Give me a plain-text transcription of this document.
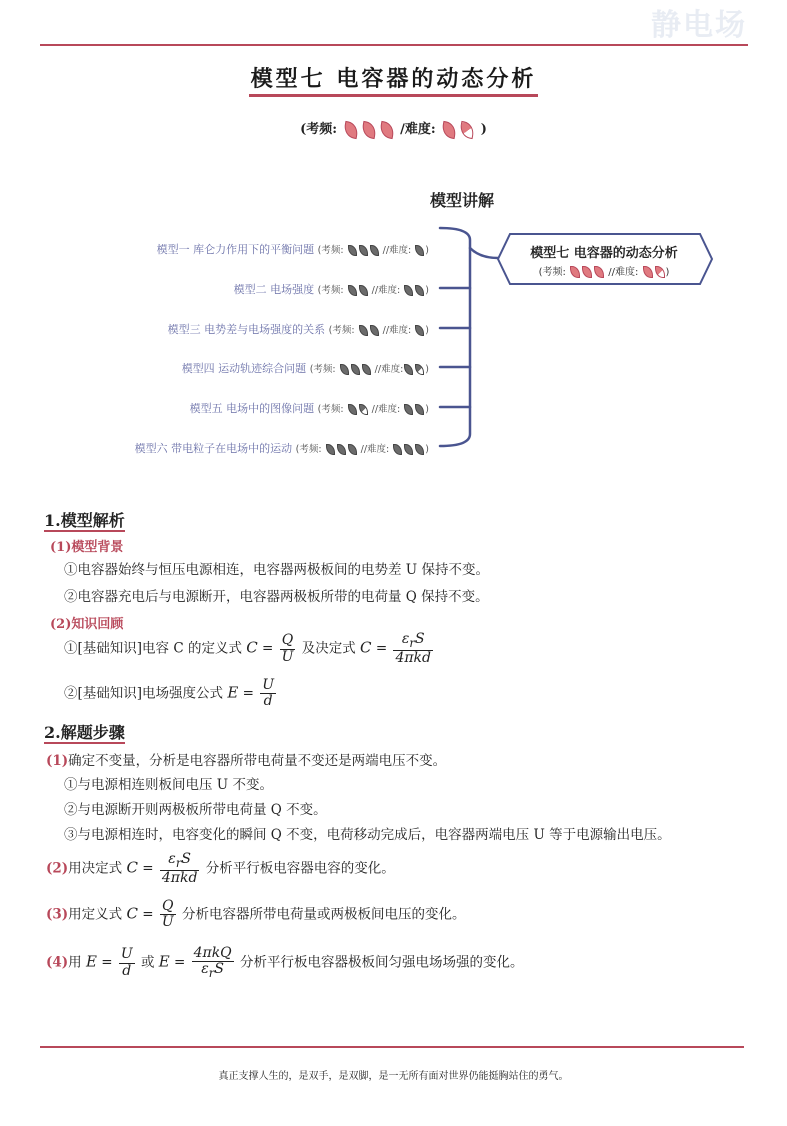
静电场
模型七 电容器的动态分析
(考频:	/难度:	)
模型讲解
模型一 库仑力作用下的平衡问题 (考频:	//难度: )
模型二 电场强度 (考频:	//难度:	)
模型三 电势差与电场强度的关系 (考频:	//难度: )
模型四 运动轨迹综合问题 (考频:	//难度: )
模型五 电场中的图像问题 (考频:	//难度:	)
模型六 带电粒子在电场中的运动 (考频:	//难度:	)
模型七 电容器的动态分析
(考频:	//难度:	)
1.模型解析
(1)模型背景
①电容器始终与恒压电源相连，电容器两极板间的电势差 U 保持不变。
②电容器充电后与电源断开，电容器两极板所带的电荷量 Q 保持不变。
(2)知识回顾
①[基础知识]电容 C 的定义式 $C = \frac{Q}{U}$ 及决定式 $C = \frac{\varepsilon_rS}{\text{4πkd}}$
②[基础知识]电场强度公式 $E = \frac{U}{d}$
2.解题步骤
(1)确定不变量，分析是电容器所带电荷量不变还是两端电压不变。
①与电源相连则板间电压 U 不变。
②与电源断开则两极板所带电荷量 Q 不变。
③与电源相连时，电容变化的瞬间 Q 不变，电荷移动完成后，电容器两端电压 U 等于电源输出电压。
(2)用决定式 $C = \frac{\varepsilon_rS}{\text{4πkd}}$ 分析平行板电容器电容的变化。
(3)用定义式 $C = \frac{Q}{U}$ 分析电容器所带电荷量或两极板间电压的变化。
(4)用 $E = \frac{U}{d}$ 或 $E = \frac{\text{4πkQ}}{\varepsilon_rS}$ 分析平行板电容器极板间匀强电场场强的变化。
真正支撑人生的，是双手，是双脚，是一无所有面对世界仍能挺胸站住的勇气。
